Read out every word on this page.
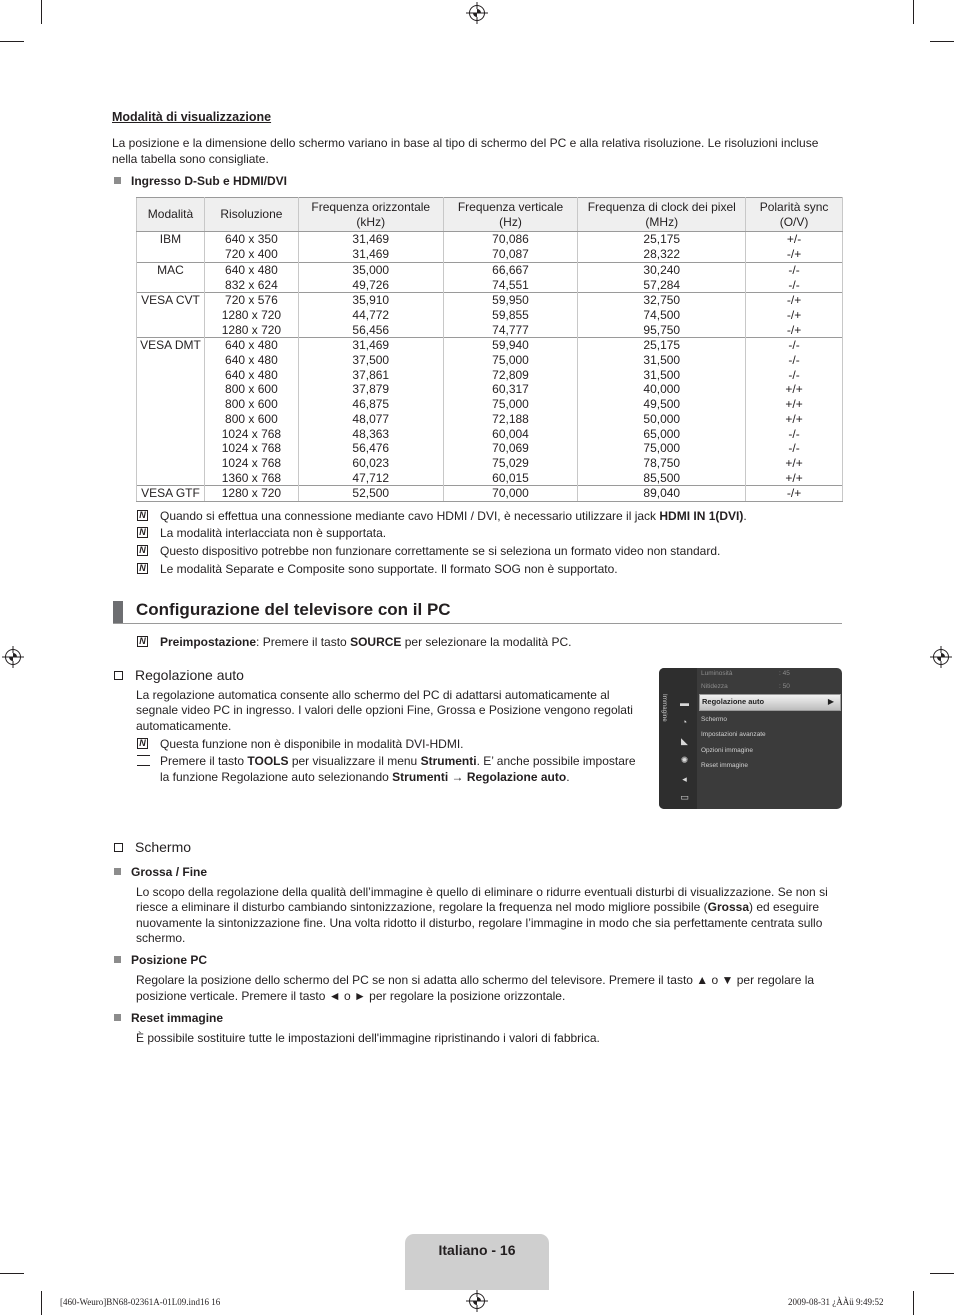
Modalità di visualizzazione

La posizione e la dimensione dello schermo variano in base al tipo di schermo del PC e alla relativa risoluzione. Le risoluzioni incluse nella tabella sono consigliate.

Ingresso D-Sub e HDMI/DVI
Modalità	Risoluzione	Frequenza orizzontale (kHz)	Frequenza verticale (Hz)	Frequenza di clock dei pixel (MHz)	Polarità sync (O/V)
IBM	640 x 350	31,469	70,086	25,175	+/-
	720 x 400	31,469	70,087	28,322	-/+
MAC	640 x 480	35,000	66,667	30,240	-/-
	832 x 624	49,726	74,551	57,284	-/-
VESA CVT	720 x 576	35,910	59,950	32,750	-/+
	1280 x 720	44,772	59,855	74,500	-/+
	1280 x 720	56,456	74,777	95,750	-/+
VESA DMT	640 x 480	31,469	59,940	25,175	-/-
	640 x 480	37,500	75,000	31,500	-/-
	640 x 480	37,861	72,809	31,500	-/-
	800 x 600	37,879	60,317	40,000	+/+
	800 x 600	46,875	75,000	49,500	+/+
	800 x 600	48,077	72,188	50,000	+/+
	1024 x 768	48,363	60,004	65,000	-/-
	1024 x 768	56,476	70,069	75,000	-/-
	1024 x 768	60,023	75,029	78,750	+/+
	1360 x 768	47,712	60,015	85,500	+/+
VESA GTF	1280 x 720	52,500	70,000	89,040	-/+
N Quando si effettua una connessione mediante cavo HDMI / DVI, è necessario utilizzare il jack HDMI IN 1(DVI).
N La modalità interlacciata non è supportata.
N Questo dispositivo potrebbe non funzionare correttamente se si seleziona un formato video non standard.
N Le modalità Separate e Composite sono supportate. Il formato SOG non è supportato.
Configurazione del televisore con il PC
N Preimpostazione: Premere il tasto SOURCE per selezionare la modalità PC.
Regolazione auto
La regolazione automatica consente allo schermo del PC di adattarsi automaticamente al
segnale video PC in ingresso. I valori delle opzioni Fine, Grossa e Posizione vengono regolati
automaticamente.
N Questa funzione non è disponibile in modalità DVI-HDMI.
Premere il tasto TOOLS per visualizzare il menu Strumenti. E’ anche possibile impostare
la funzione Regolazione auto selezionando Strumenti → Regolazione auto.
Immagine ▬
◔
◣
✺
◂
▭
Luminosità	: 45
Nitidezza	: 50
Regolazione auto	▶
Schermo
Impostazioni avanzate
Opzioni immagine
Reset immagine
Schermo
Grossa / Fine
Lo scopo della regolazione della qualità dell’immagine è quello di eliminare o ridurre eventuali disturbi di visualizzazione. Se non si
riesce a eliminare il disturbo cambiando sintonizzazione, regolare la frequenza nel modo migliore possibile (Grossa) ed eseguire
nuovamente la sintonizzazione fine. Una volta ridotto il disturbo, regolare l’immagine in modo che sia perfettamente centrata sullo
schermo.
Posizione PC
Regolare la posizione dello schermo del PC se non si adatta allo schermo del televisore. Premere il tasto ▲ o ▼ per regolare la
posizione verticale. Premere il tasto ◄ o ► per regolare la posizione orizzontale.
Reset immagine
È possibile sostituire tutte le impostazioni dell'immagine ripristinando i valori di fabbrica.
Italiano - 16
[460-Weuro]BN68-02361A-01L09.ind16 16	2009-08-31 ¿ÀÀü 9:49:52
